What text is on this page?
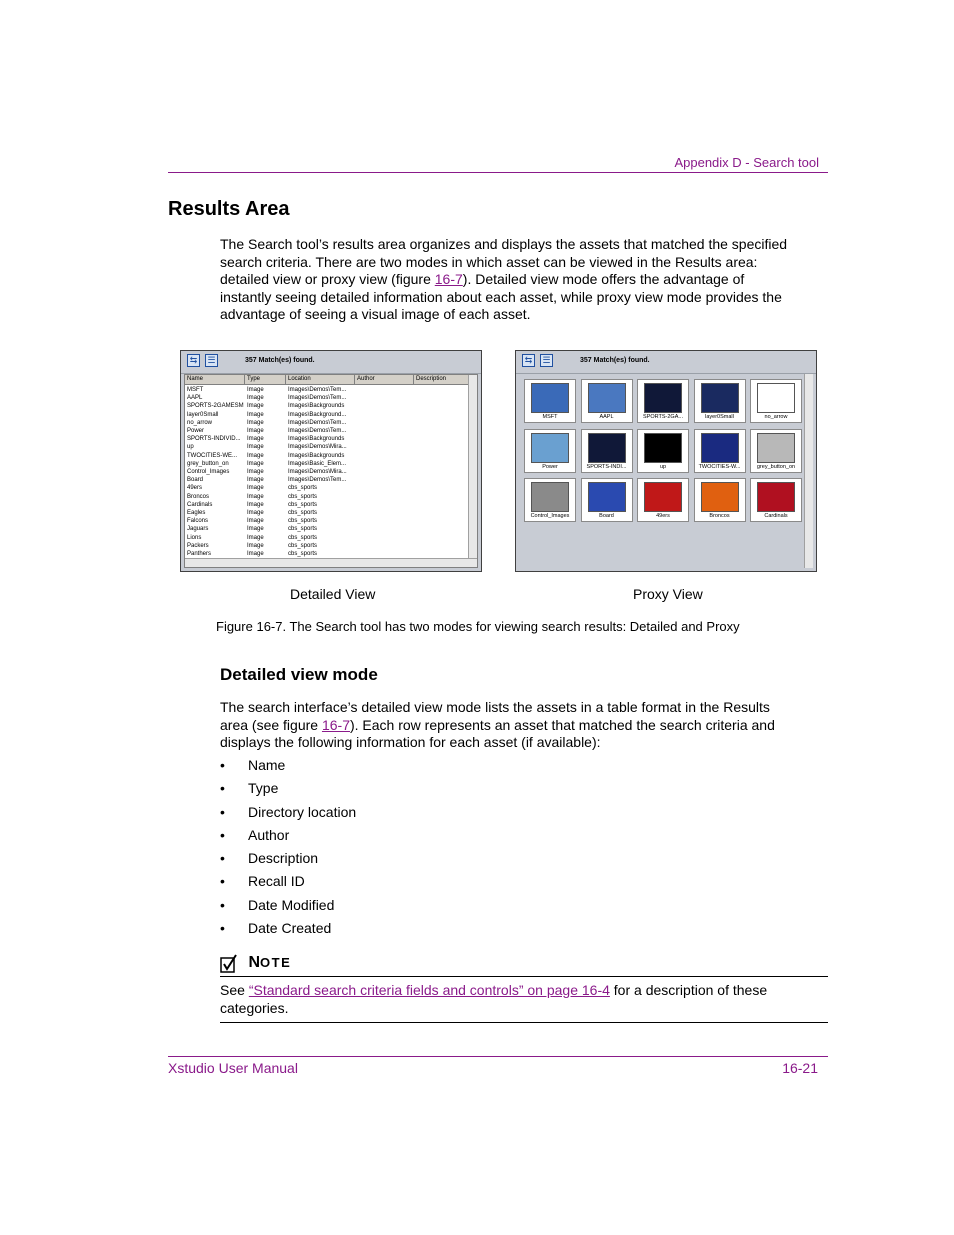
Appendix D - Search tool
Results Area
The Search tool’s results area organizes and displays the assets that matched the specified search criteria. There are two modes in which asset can be viewed in the Results area: detailed view or proxy view (figure 16-7). Detailed view mode offers the advantage of instantly seeing detailed information about each asset, while proxy view mode provides the advantage of seeing a visual image of each asset.
⇆	☰	357 Match(es) found.
Name	Type	Location	Author	Description
MSFT	Image	Images\Demos\Tem...
AAPL	Image	Images\Demos\Tem...
SPORTS-2GAMESM Image	Images\Backgrounds
layer0Small	Image	Images\Background...
no_arrow	Image	Images\Demos\Tem...
Power	Image	Images\Demos\Tem...
SPORTS-INDIVID... Image	Images\Backgrounds
up	Image	Images\Demos\Mira...
TWOCITIES-WE... Image	Images\Backgrounds
grey_button_on	Image	Images\Basic_Elem...
Control_Images	Image	Images\Demos\Mira...
Board	Image	Images\Demos\Tem...
49ers	Image	cbs_sports
Broncos	Image	cbs_sports
Cardinals	Image	cbs_sports
Eagles	Image	cbs_sports
Falcons	Image	cbs_sports
Jaguars	Image	cbs_sports
Lions	Image	cbs_sports
Packers	Image	cbs_sports
Panthers	Image	cbs_sports
⇆	☰	357 Match(es) found.
MSFT	AAPL	SPORTS-2GA...	layer0Small	no_arrow
Power	SPORTS-INDI...	up	TWOCITIES-W...	grey_button_on
Control_Images	Board	49ers	Broncos	Cardinals
Detailed View	Proxy View
Figure 16-7. The Search tool has two modes for viewing search results: Detailed and Proxy
Detailed view mode
The search interface’s detailed view mode lists the assets in a table format in the Results area (see figure 16-7). Each row represents an asset that matched the search criteria and displays the following information for each asset (if available):
• Name
• Type
• Directory location
• Author
• Description
• Recall ID
• Date Modified
• Date Created
NOTE
See “Standard search criteria fields and controls” on page 16-4 for a description of these categories.
Xstudio User Manual	16-21
